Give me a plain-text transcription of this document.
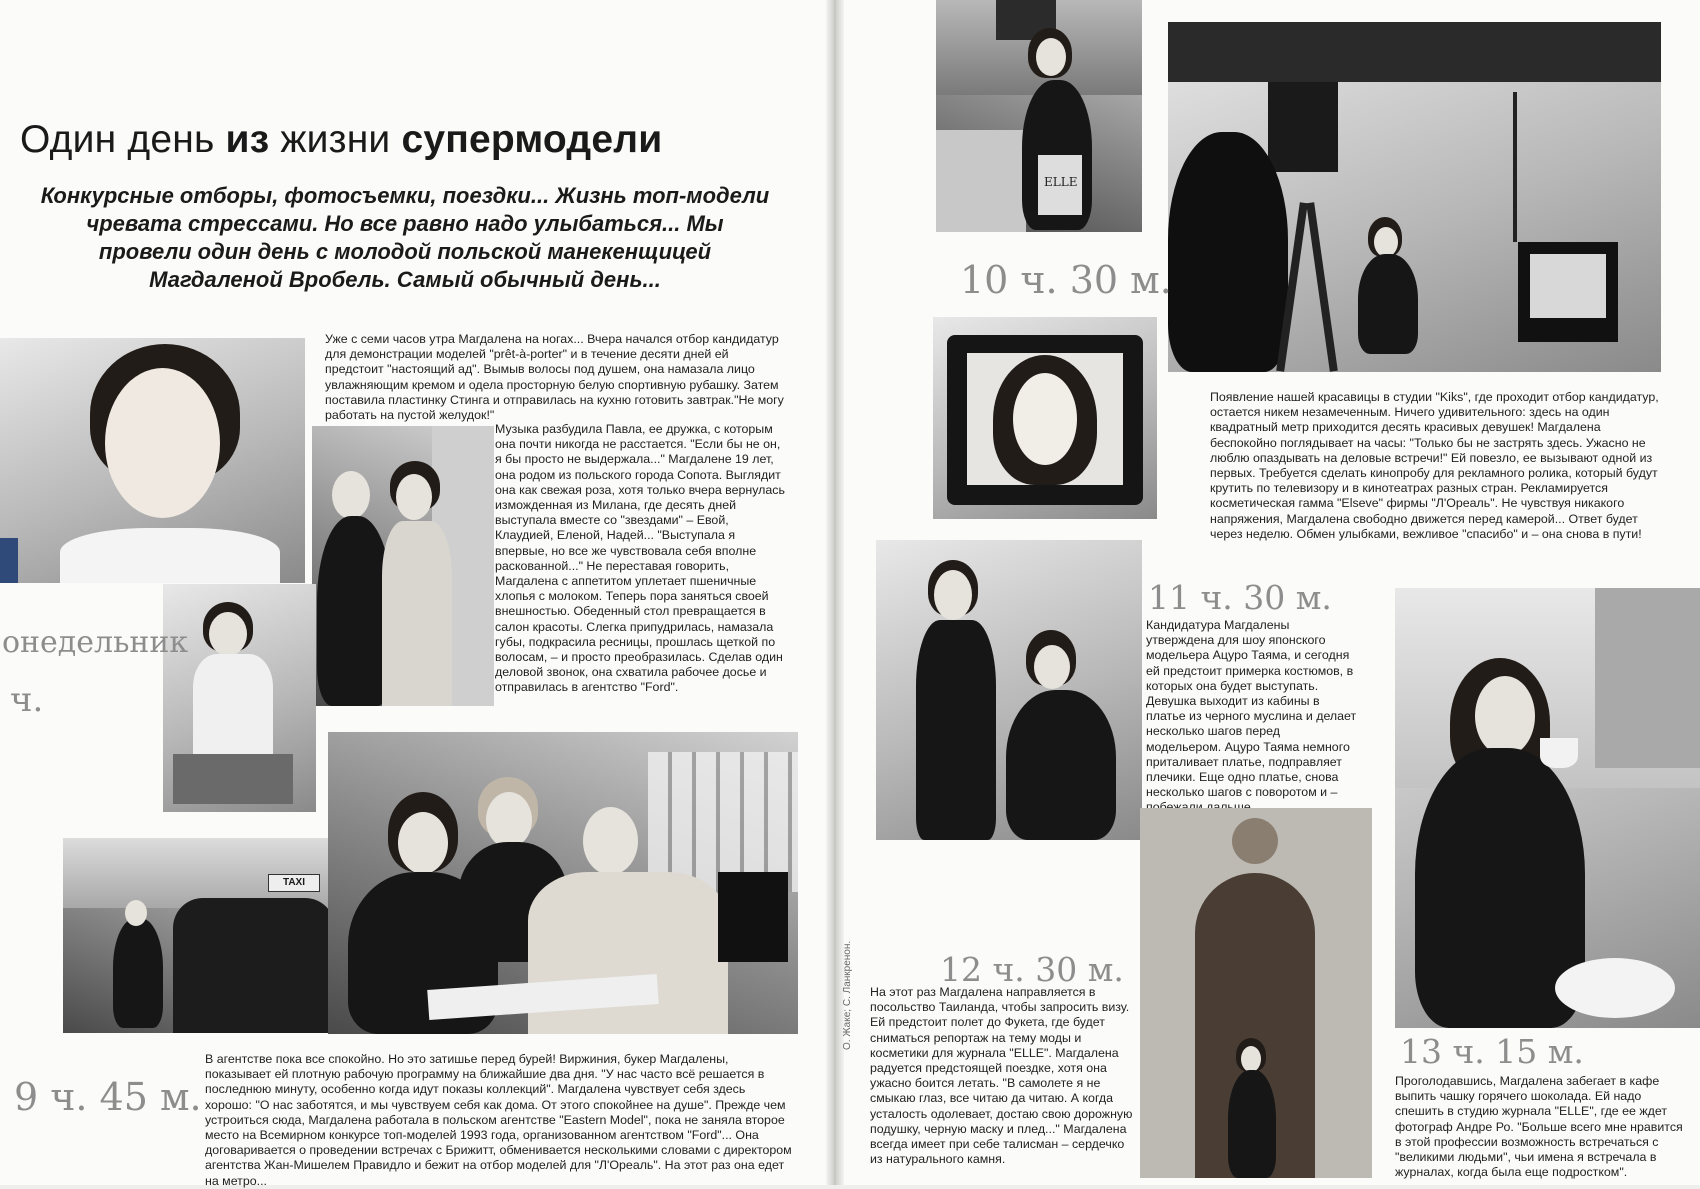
Один день из жизни супермодели
Конкурсные отборы, фотосъемки, поездки... Жизнь топ-модели чревата стрессами. Но все равно надо улыбаться... Мы провели один день с молодой польской манекенщицей Магдаленой Вробель. Самый обычный день...
онедельник
ч.
Уже с семи часов утра Магдалена на ногах... Вчера начался отбор кандидатур для демонстрации моделей "prêt-à-porter" и в течение десяти дней ей предстоит "настоящий ад". Вымыв волосы под душем, она намазала лицо увлажняющим кремом и одела просторную белую спортивную рубашку. Затем поставила пластинку Стинга и отправилась на кухню готовить завтрак."Не могу работать на пустой желудок!"
Музыка разбудила Павла, ее дружка, с которым она почти никогда не расстается. "Если бы не он, я бы просто не выдержала..." Магдалене 19 лет, она родом из польского города Сопота. Выглядит она как свежая роза, хотя только вчера вернулась изможденная из Милана, где десять дней выступала вместе со "звездами" – Евой, Клаудией, Еленой, Надей... "Выступала я впервые, но все же чувствовала себя вполне раскованной..." Не переставая говорить, Магдалена с аппетитом уплетает пшеничные хлопья с молоком. Теперь пора заняться своей внешностью. Обеденный стол превращается в салон красоты. Слегка припудрилась, намазала губы, подкрасила ресницы, прошлась щеткой по волосам, – и просто преобразилась. Сделав один деловой звонок, она схватила рабочее досье и отправилась в агентство "Ford".
TAXI
9 ч. 45 м.
В агентстве пока все спокойно. Но это затишье перед бурей! Виржиния, букер Магдалены, показывает ей плотную рабочую программу на ближайшие два дня. "У нас часто всё решается в последнюю минуту, особенно когда идут показы коллекций". Магдалена чувствует себя здесь хорошо: "О нас заботятся, и мы чувствуем себя как дома. От этого спокойнее на душе". Прежде чем устроиться сюда, Магдалена работала в польском агентстве "Eastern Model", пока не заняла второе место на Всемирном конкурсе топ-моделей 1993 года, организованном агентством "Ford"... Она договаривается о проведении встречах с Брижитт, обменивается несколькими словами с директором агентства Жан-Мишелем Правидло и бежит на отбор моделей для "Л'Ореаль". На этот раз она едет на метро...
ELLE
10 ч. 30 м.
Появление нашей красавицы в студии "Kiks", где проходит отбор кандидатур, остается никем незамеченным. Ничего удивительного: здесь на один квадратный метр приходится десять красивых девушек! Магдалена беспокойно поглядывает на часы: "Только бы не застрять здесь. Ужасно не люблю опаздывать на деловые встречи!" Ей повезло, ее вызывают одной из первых. Требуется сделать кинопробу для рекламного ролика, который будут крутить по телевизору и в кинотеатрах разных стран. Рекламируется косметическая гамма "Elseve" фирмы "Л'Ореаль". Не чувствуя никакого напряжения, Магдалена свободно движется перед камерой... Ответ будет через неделю. Обмен улыбками, вежливое "спасибо" и – она снова в пути!
11 ч. 30 м.
Кандидатура Магдалены утверждена для шоу японского модельера Ацуро Таяма, и сегодня ей предстоит примерка костюмов, в которых она будет выступать. Девушка выходит из кабины в платье из черного муслина и делает несколько шагов перед модельером. Ацуро Таяма немного приталивает платье, подправляет плечики. Еще одно платье, снова несколько шагов с поворотом и –
12 ч. 30 м.
На этот раз Магдалена направляется в посольство Таиланда, чтобы запросить визу. Ей предстоит полет до Фукета, где будет сниматься репортаж на тему моды и косметики для журнала "ELLE". Магдалена радуется предстоящей поездке, хотя она ужасно боится летать. "В самолете я не смыкаю глаз, все читаю да читаю. А когда усталость одолевает, достаю свою дорожную подушку, черную маску и плед..." Магдалена всегда имеет при себе талисман – сердечко из натурального камня.
13 ч. 15 м.
Проголодавшись, Магдалена забегает в кафе выпить чашку горячего шоколада. Ей надо спешить в студию журнала "ELLE", где ее ждет фотограф Андре Ро. "Больше всего мне нравится в этой профессии возможность встречаться с "великими людьми", чьи имена я встречала в журналах, когда была еще подростком".
О. Жаке; С. Ланкренон.
